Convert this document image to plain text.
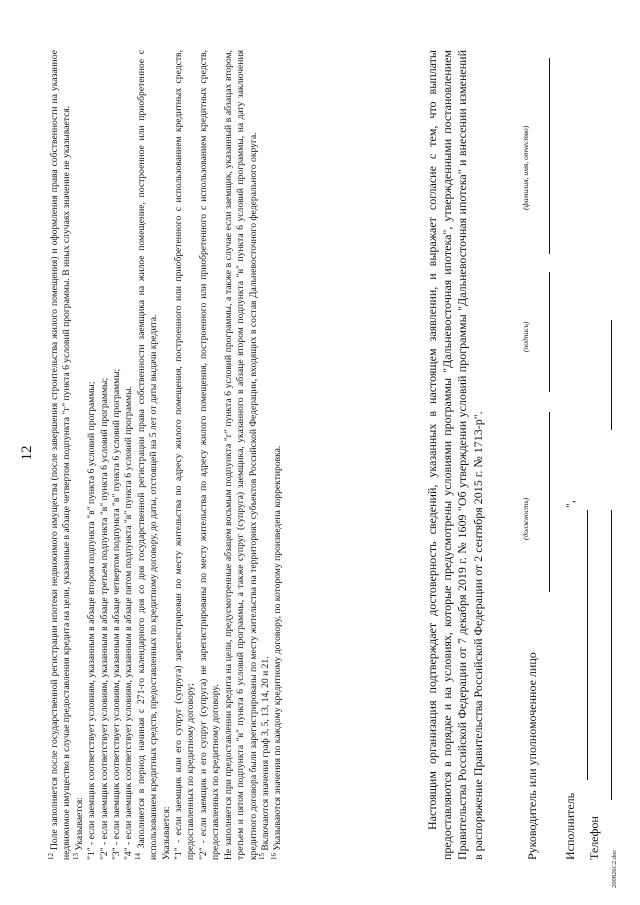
12

$^{12}$ Поле заполняется после государственной регистрации ипотеки недвижимого имущества (после завершения строительства жилого помещения) и оформления права собственности на указанное недвижимое имущество в случае предоставления кредита на цели, указанные в абзаце четвертом подпункта "г" пункта 6 условий программы. В иных случаях значение не указывается. $^{13}$ Указывается: "1" - если заемщик соответствует условиям, указанным в абзаце втором подпункта "в" пункта 6 условий программы; "2" - если заемщик соответствует условиям, указанным в абзаце третьем подпункта "в" пункта 6 условий программы; "3" - если заемщик соответствует условиям, указанным в абзаце четвертом подпункта "в" пункта 6 условий программы; "4" - если заемщик соответствует условиям, указанным в абзаце пятом подпункта "в" пункта 6 условий программы. $^{14}$ Заполняется в период начиная с 271-го календарного дня со дня государственной регистрации права собственности заемщика на жилое помещение, построенное или приобретенное с использованием кредитных средств, предоставленных по кредитному договору, до даты, отстоящей на 5 лет от даты выдачи кредита. Указывается: "1" - если заемщик или его супруг (супруга) зарегистрирован по месту жительства по адресу жилого помещения, построенного или приобретенного с использованием кредитных средств, предоставленных по кредитному договору; "2" - если заемщик и его супруг (супруга) не зарегистрированы по месту жительства по адресу жилого помещения, построенного или приобретенного с использованием кредитных средств, предоставленных по кредитному договору. Не заполняется при предоставлении кредита на цели, предусмотренные абзацем восьмым подпункта "г" пункта 6 условий программы, а также в случае если заемщик, указанный в абзацах втором, третьем и пятом подпункта "в" пункта 6 условий программы, а также супруг (супруга) заемщика, указанного в абзаце втором подпункта "в" пункта 6 условий программы, на дату заключения кредитного договора были зарегистрированы по месту жительства на территориях субъектов Российской Федерации, входящих в состав Дальневосточного федерального округа. $^{15}$ Включаются значения граф 3, 5, 13, 14, 20 и 21.

$^{16}$ Указываются значения по каждому кредитному договору, по которому произведена корректировка.	Настоящим организация подтверждает достоверность сведений, указанных в настоящем заявлении, и выражает согласие с тем, что выплаты предоставляются в порядке и на условиях, которые предусмотрены условиями программы "Дальневосточная ипотека", утвержденными постановлением Правительства Российской Федерации от 7 декабря 2019 г. № 1609 "Об утверждении условий программы "Дальневосточная ипотека" и внесении изменений в распоряжение Правительства Российской Федерации от 2 сентября 2015 г. № 1713-р".	Руководитель или уполномоченное лицо
(должность)
(подпись)
(фамилия, имя, отчество)
Исполнитель
",
Телефон
200826С2.doc
